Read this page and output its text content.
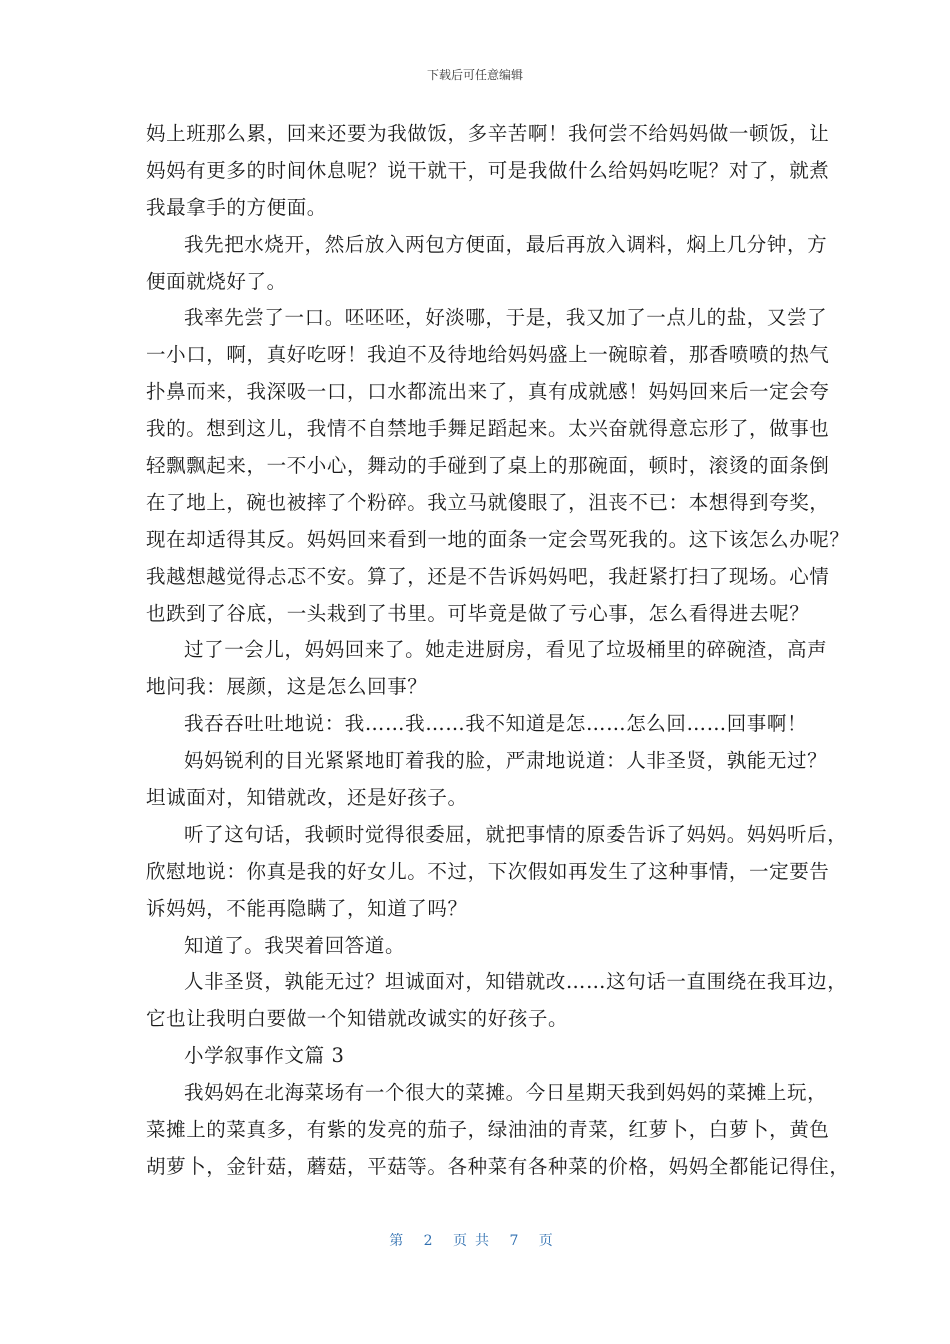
下载后可任意编辑
妈上班那么累，回来还要为我做饭，多辛苦啊！我何尝不给妈妈做一顿饭，让
妈妈有更多的时间休息呢？说干就干，可是我做什么给妈妈吃呢？对了，就煮
我最拿手的方便面。
我先把水烧开，然后放入两包方便面，最后再放入调料，焖上几分钟，方
便面就烧好了。
我率先尝了一口。呸呸呸，好淡哪，于是，我又加了一点儿的盐，又尝了
一小口，啊，真好吃呀！我迫不及待地给妈妈盛上一碗晾着，那香喷喷的热气
扑鼻而来，我深吸一口，口水都流出来了，真有成就感！妈妈回来后一定会夸
我的。想到这儿，我情不自禁地手舞足蹈起来。太兴奋就得意忘形了，做事也
轻飘飘起来，一不小心，舞动的手碰到了桌上的那碗面，顿时，滚烫的面条倒
在了地上，碗也被摔了个粉碎。我立马就傻眼了，沮丧不已：本想得到夸奖，
现在却适得其反。妈妈回来看到一地的面条一定会骂死我的。这下该怎么办呢？
我越想越觉得忐忑不安。算了，还是不告诉妈妈吧，我赶紧打扫了现场。心情
也跌到了谷底，一头栽到了书里。可毕竟是做了亏心事，怎么看得进去呢？
过了一会儿，妈妈回来了。她走进厨房，看见了垃圾桶里的碎碗渣，高声
地问我：展颜，这是怎么回事？
我吞吞吐吐地说：我……我……我不知道是怎……怎么回……回事啊！
妈妈锐利的目光紧紧地盯着我的脸，严肃地说道：人非圣贤，孰能无过？
坦诚面对，知错就改，还是好孩子。
听了这句话，我顿时觉得很委屈，就把事情的原委告诉了妈妈。妈妈听后，
欣慰地说：你真是我的好女儿。不过，下次假如再发生了这种事情，一定要告
诉妈妈，不能再隐瞒了，知道了吗？
知道了。我哭着回答道。
人非圣贤，孰能无过？坦诚面对，知错就改……这句话一直围绕在我耳边，
它也让我明白要做一个知错就改诚实的好孩子。
小学叙事作文篇 3
我妈妈在北海菜场有一个很大的菜摊。今日星期天我到妈妈的菜摊上玩，
菜摊上的菜真多，有紫的发亮的茄子，绿油油的青菜，红萝卜，白萝卜，黄色
胡萝卜，金针菇，蘑菇，平菇等。各种菜有各种菜的价格，妈妈全都能记得住，
第 2 页共 7 页
